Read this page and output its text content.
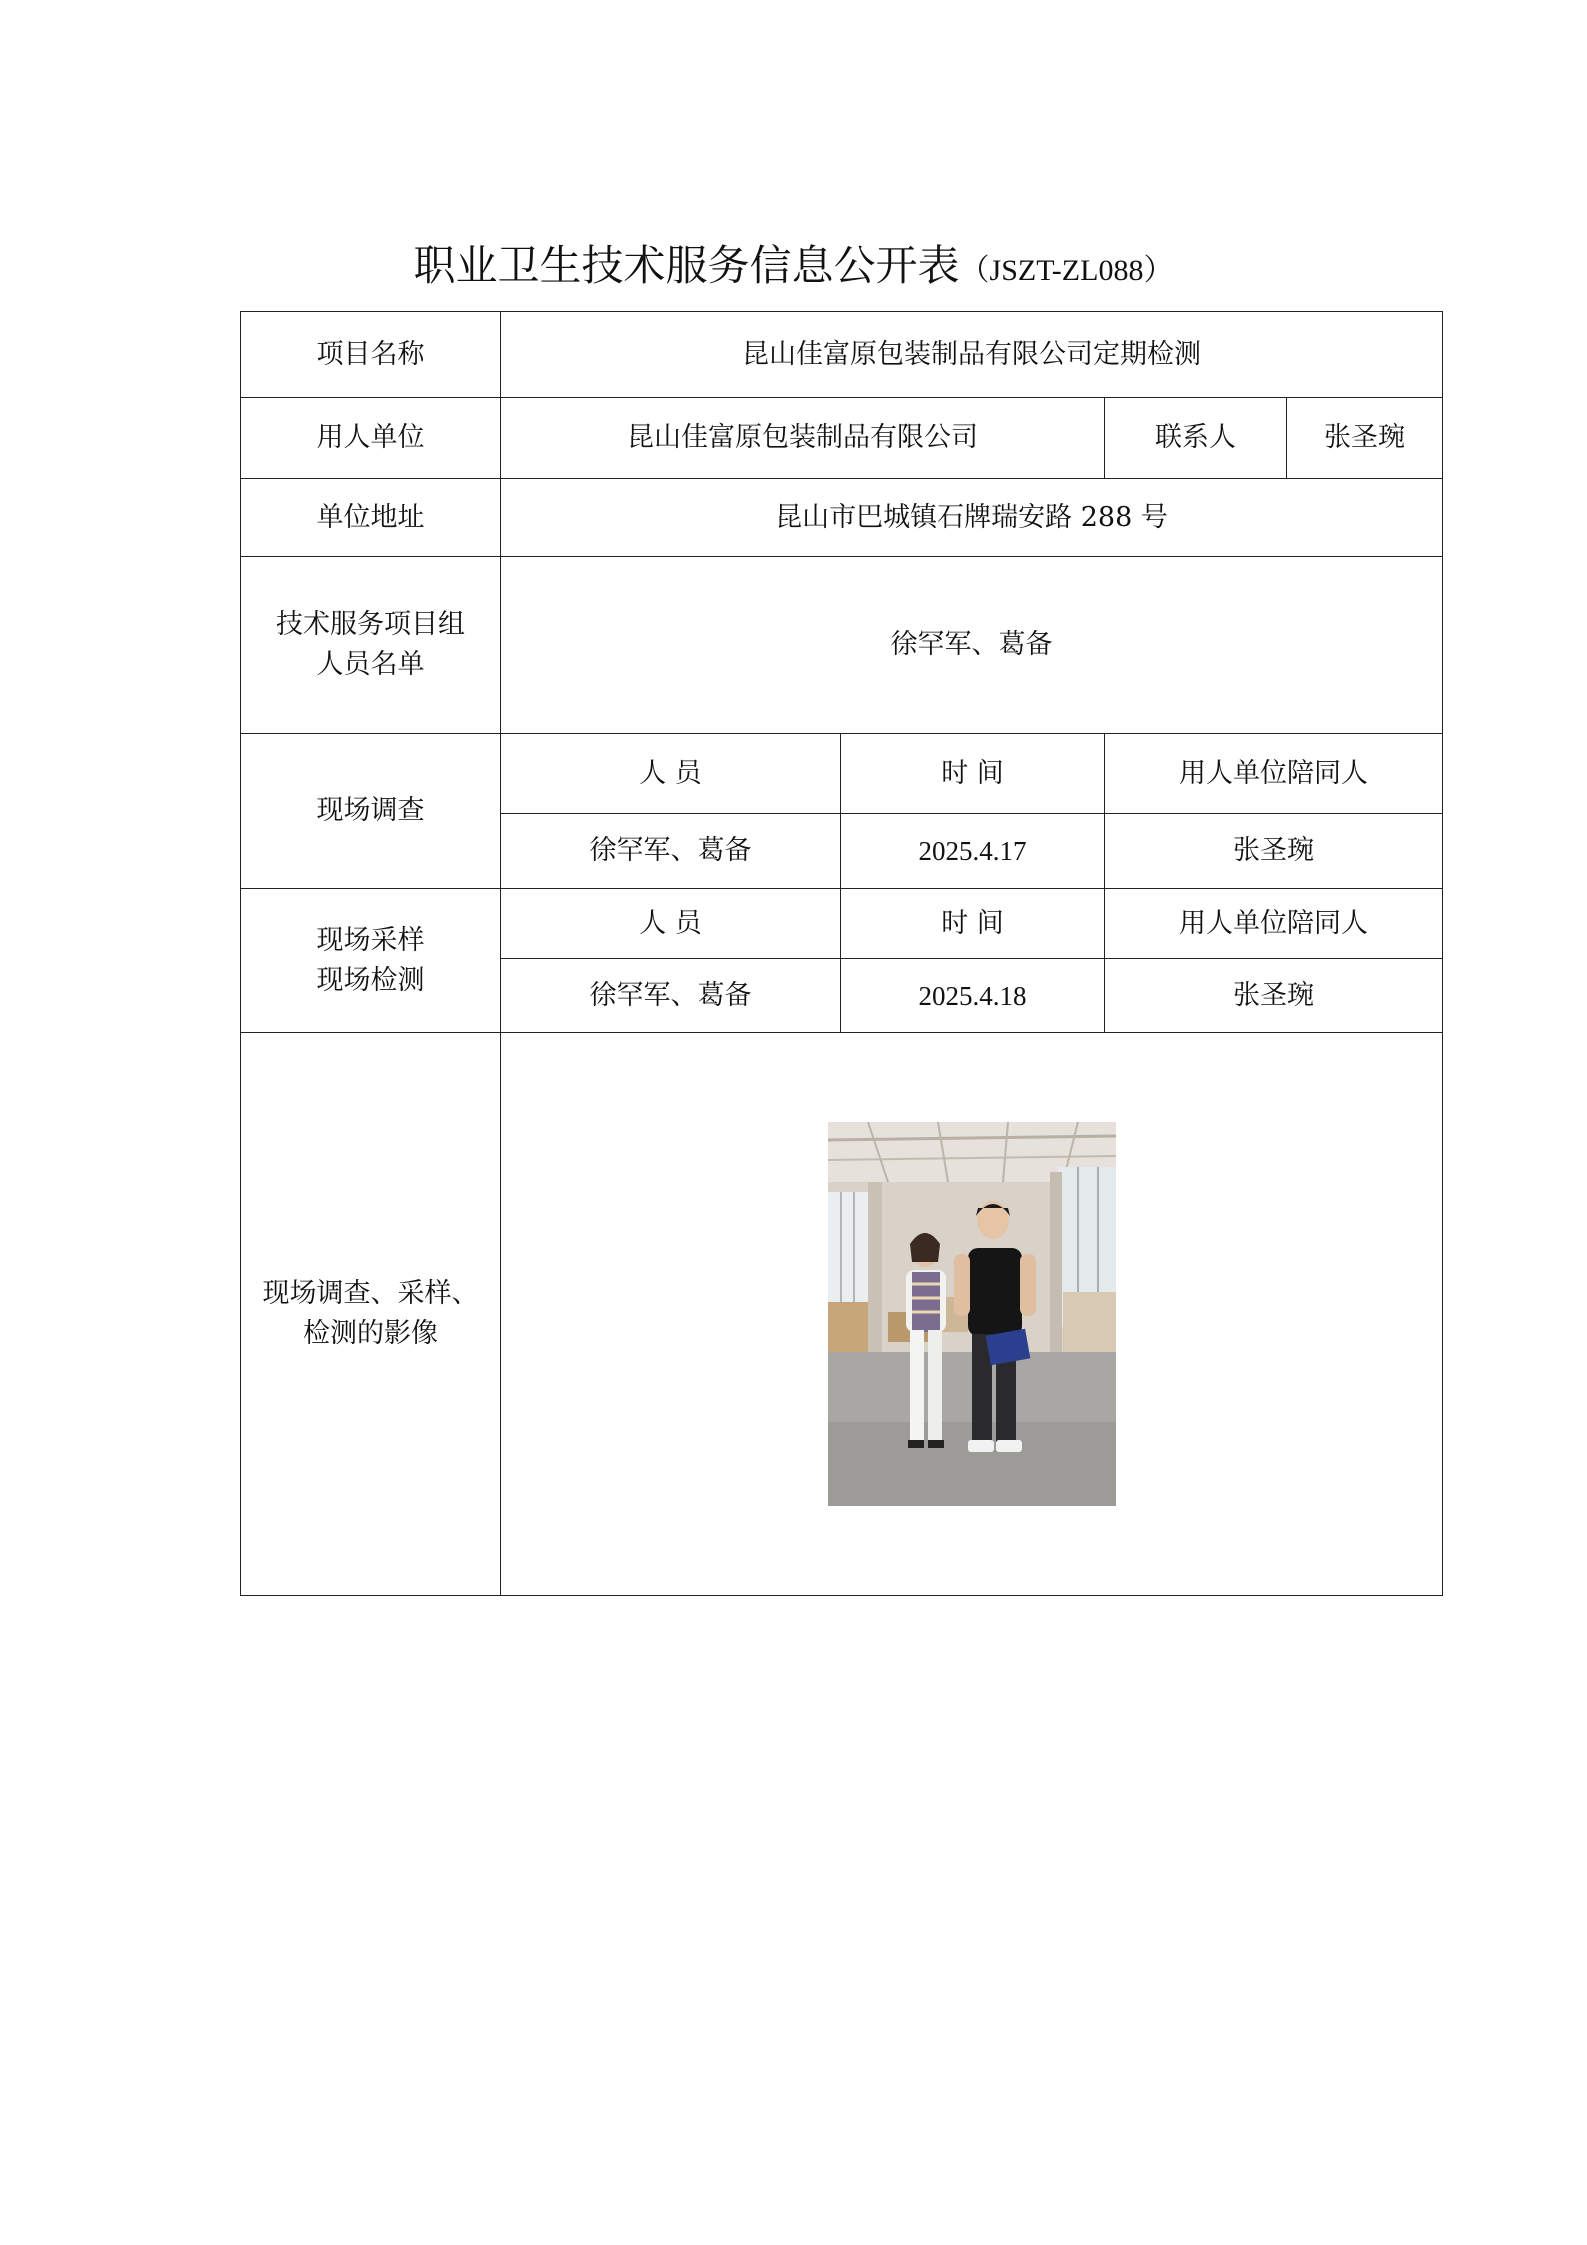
职业卫生技术服务信息公开表（JSZT-ZL088）
项目名称	昆山佳富原包装制品有限公司定期检测			
用人单位	昆山佳富原包装制品有限公司		联系人	张圣琬
单位地址	昆山市巴城镇石牌瑞安路 288 号			

技术服务项目组
人员名单	徐罕军、葛备			
现场调查	人 员	时 间	用人单位陪同人	
	徐罕军、葛备	2025.4.17	张圣琬	

现场采样
现场检测	人 员	时 间	用人单位陪同人	
	徐罕军、葛备	2025.4.18	张圣琬	

现场调查、采样、
检测的影像
